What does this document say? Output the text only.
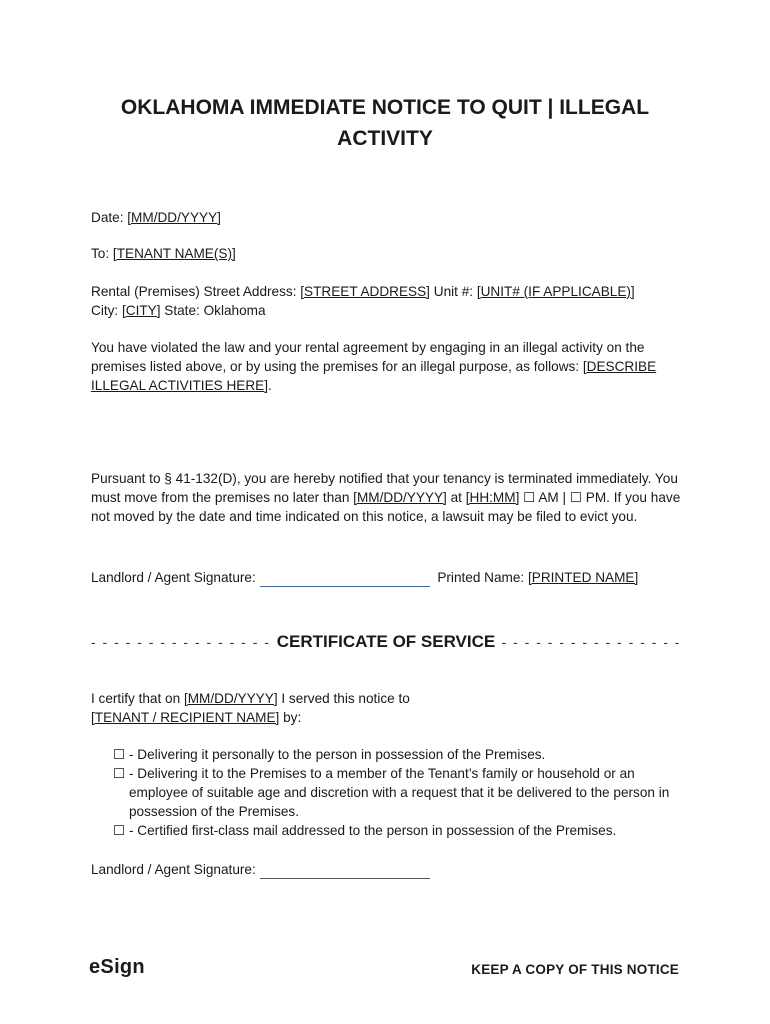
OKLAHOMA IMMEDIATE NOTICE TO QUIT | ILLEGAL ACTIVITY
Date: [MM/DD/YYYY]
To: [TENANT NAME(S)]
Rental (Premises) Street Address: [STREET ADDRESS] Unit #: [UNIT# (IF APPLICABLE)]
City: [CITY] State: Oklahoma
You have violated the law and your rental agreement by engaging in an illegal activity on the premises listed above, or by using the premises for an illegal purpose, as follows: [DESCRIBE ILLEGAL ACTIVITIES HERE].
Pursuant to § 41-132(D), you are hereby notified that your tenancy is terminated immediately. You must move from the premises no later than [MM/DD/YYYY] at [HH:MM] ☐ AM | ☐ PM. If you have not moved by the date and time indicated on this notice, a lawsuit may be filed to evict you.
Landlord / Agent Signature:	Printed Name: [PRINTED NAME]
- - - - - - - - - - - - - - - - CERTIFICATE OF SERVICE - - - - - - - - - - - - - - - -
I certify that on [MM/DD/YYYY] I served this notice to
[TENANT / RECIPIENT NAME] by:
☐ - Delivering it personally to the person in possession of the Premises.
☐ - Delivering it to the Premises to a member of the Tenant’s family or household or an employee of suitable age and discretion with a request that it be delivered to the person in possession of the Premises.
☐ - Certified first-class mail addressed to the person in possession of the Premises.
Landlord / Agent Signature:
eSign	KEEP A COPY OF THIS NOTICE
